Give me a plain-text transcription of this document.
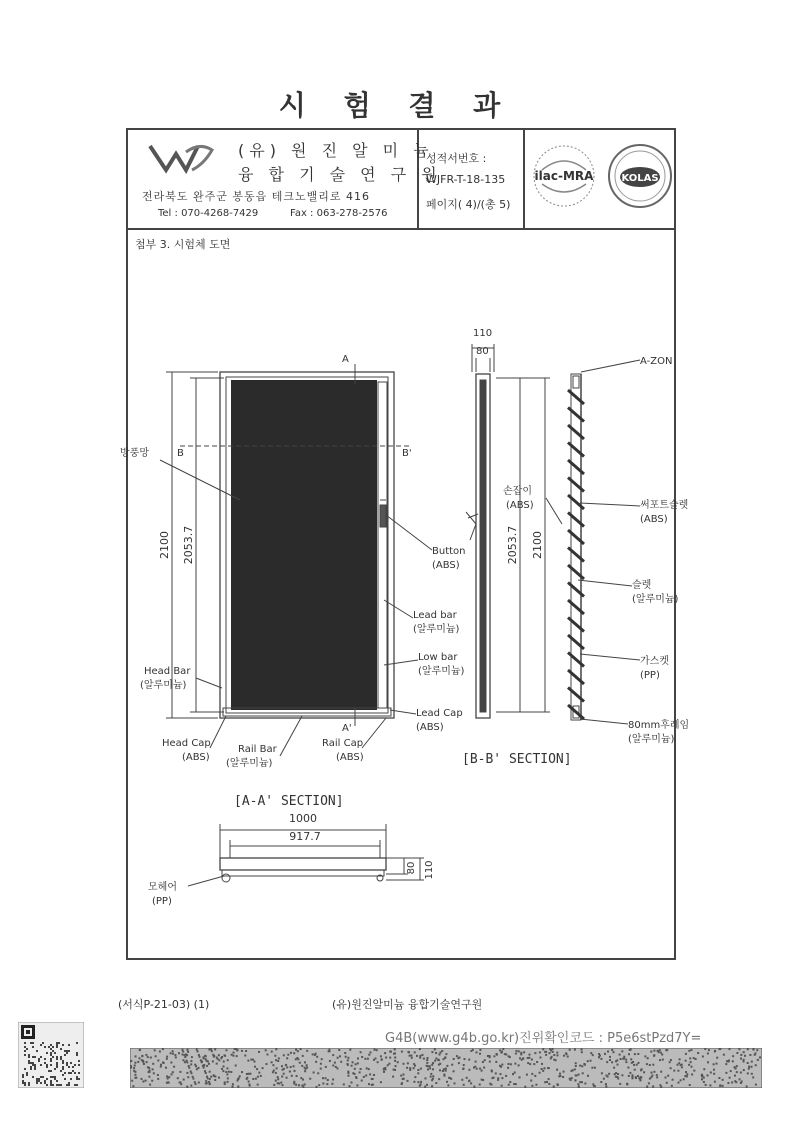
시 험 결 과
(유) 원 진 알 미 늄
융 합 기 술 연 구 원
전라북도 완주군 봉동읍 테크노밸리로 416
Tel : 070-4268-7429	Fax : 063-278-2576
성적서번호 :
WJFR-T-18-135
페이지( 4)/(총 5)
ilac-MRA	KOLAS
첨부 3. 시험체 도면
A
A'
B	B'
2100 2053.7
방풍망
Button
(ABS)
Lead bar
(알루미늄)
Low bar
(알루미늄)
Lead Cap
(ABS)
Head Bar
(알루미늄)
Head Cap
(ABS)
Rail Bar
(알루미늄)
Rail Cap
(ABS)
110
80
2053.7 2100
손잡이
(ABS)
A-ZON
써포트슬렛
(ABS)
슬렛
(알루미늄)
가스켓
(PP)
80mm후레임
(알루미늄)
[B-B' SECTION]
[A-A' SECTION]
1000
917.7
80 110
모헤어
(PP)
(서식P-21-03) (1)	(유)원진알미늄 융합기술연구원
G4B(www.g4b.go.kr)진위확인코드 : P5e6stPzd7Y=
